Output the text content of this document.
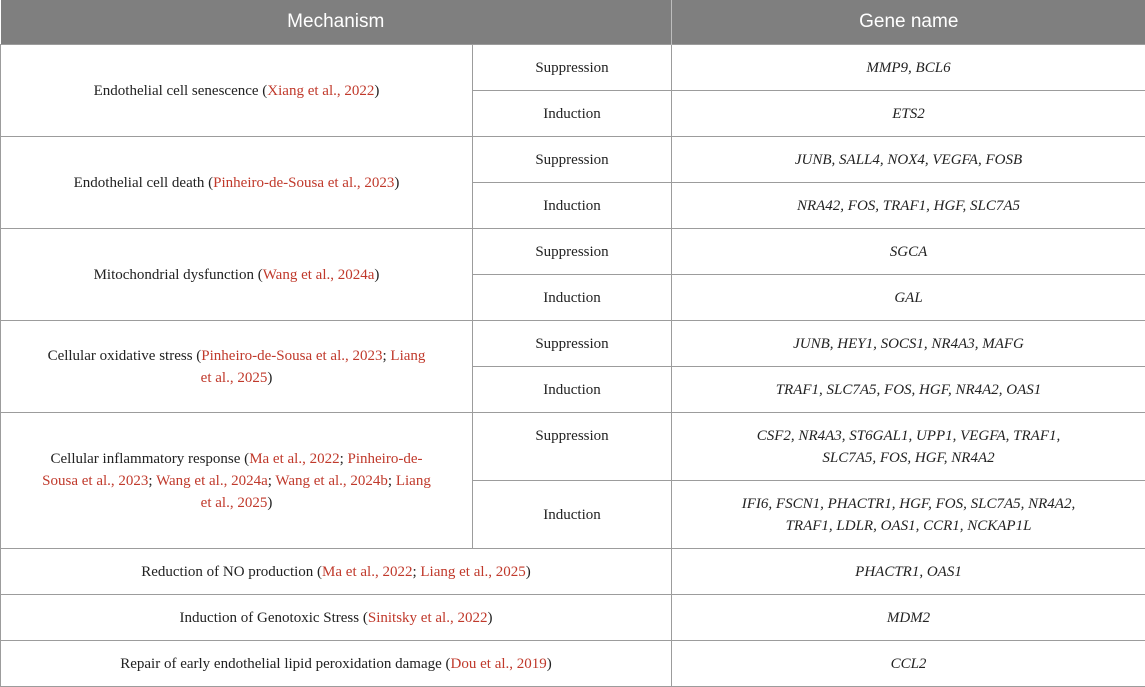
Mechanism		Gene name
Endothelial cell senescence (Xiang et al., 2022)	Suppression	MMP9, BCL6
	Induction	ETS2
Endothelial cell death (Pinheiro-de-Sousa et al., 2023)	Suppression	JUNB, SALL4, NOX4, VEGFA, FOSB
	Induction	NRA42, FOS, TRAF1, HGF, SLC7A5
Mitochondrial dysfunction (Wang et al., 2024a)	Suppression	SGCA
	Induction	GAL
Cellular oxidative stress (Pinheiro-de-Sousa et al., 2023; Liang et al., 2025)	Suppression	JUNB, HEY1, SOCS1, NR4A3, MAFG
	Induction	TRAF1, SLC7A5, FOS, HGF, NR4A2, OAS1
Cellular inflammatory response (Ma et al., 2022; Pinheiro-de-Sousa et al., 2023; Wang et al., 2024a; Wang et al., 2024b; Liang et al., 2025)	Suppression	CSF2, NR4A3, ST6GAL1, UPP1, VEGFA, TRAF1, SLC7A5, FOS, HGF, NR4A2
	Induction	IFI6, FSCN1, PHACTR1, HGF, FOS, SLC7A5, NR4A2, TRAF1, LDLR, OAS1, CCR1, NCKAP1L
Reduction of NO production (Ma et al., 2022; Liang et al., 2025)		PHACTR1, OAS1
Induction of Genotoxic Stress (Sinitsky et al., 2022)		MDM2
Repair of early endothelial lipid peroxidation damage (Dou et al., 2019)		CCL2
